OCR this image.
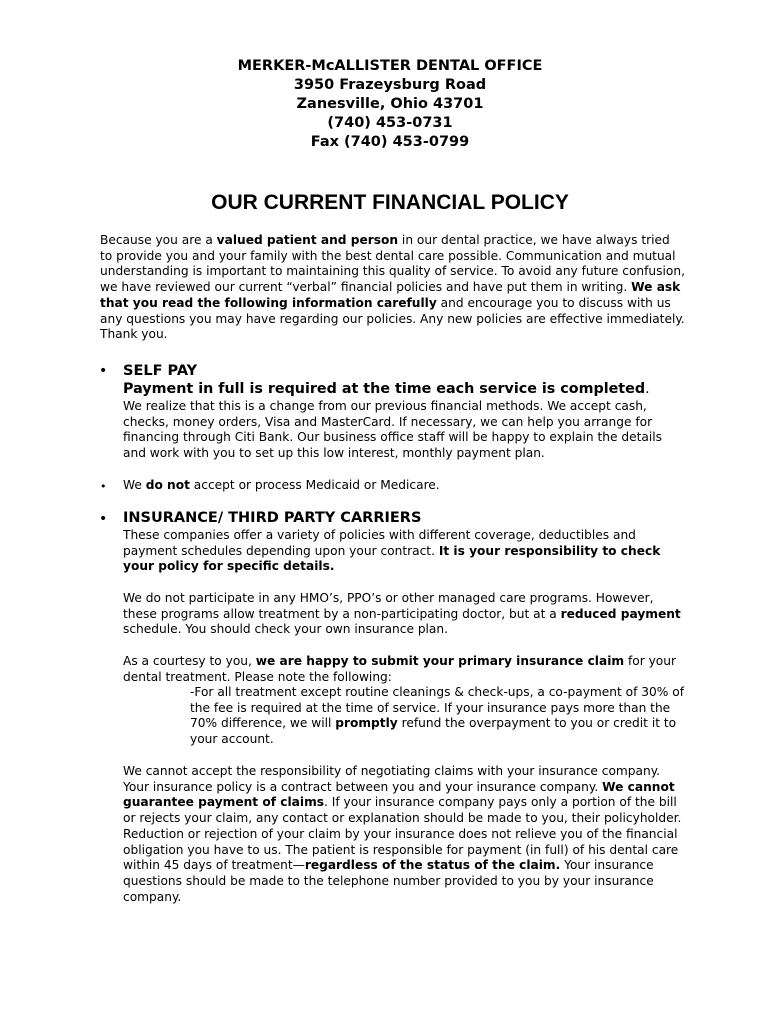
MERKER-McALLISTER DENTAL OFFICE
3950 Frazeysburg Road
Zanesville, Ohio 43701
(740) 453-0731
Fax (740) 453-0799
OUR CURRENT FINANCIAL POLICY
Because you are a valued patient and person in our dental practice, we have always tried to provide you and your family with the best dental care possible. Communication and mutual understanding is important to maintaining this quality of service. To avoid any future confusion, we have reviewed our current “verbal” financial policies and have put them in writing. We ask that you read the following information carefully and encourage you to discuss with us any questions you may have regarding our policies. Any new policies are effective immediately. Thank you.
• SELF PAY
Payment in full is required at the time each service is completed.
We realize that this is a change from our previous financial methods. We accept cash, checks, money orders, Visa and MasterCard. If necessary, we can help you arrange for financing through Citi Bank. Our business office staff will be happy to explain the details and work with you to set up this low interest, monthly payment plan.
• We do not accept or process Medicaid or Medicare.
• INSURANCE/ THIRD PARTY CARRIERS
These companies offer a variety of policies with different coverage, deductibles and payment schedules depending upon your contract. It is your responsibility to check your policy for specific details.
We do not participate in any HMO’s, PPO’s or other managed care programs. However, these programs allow treatment by a non-participating doctor, but at a reduced payment schedule. You should check your own insurance plan.
As a courtesy to you, we are happy to submit your primary insurance claim for your dental treatment. Please note the following:
-For all treatment except routine cleanings & check-ups, a co-payment of 30% of the fee is required at the time of service. If your insurance pays more than the 70% difference, we will promptly refund the overpayment to you or credit it to your account.
We cannot accept the responsibility of negotiating claims with your insurance company. Your insurance policy is a contract between you and your insurance company. We cannot guarantee payment of claims. If your insurance company pays only a portion of the bill or rejects your claim, any contact or explanation should be made to you, their policyholder. Reduction or rejection of your claim by your insurance does not relieve you of the financial obligation you have to us. The patient is responsible for payment (in full) of his dental care within 45 days of treatment—regardless of the status of the claim. Your insurance questions should be made to the telephone number provided to you by your insurance company.
